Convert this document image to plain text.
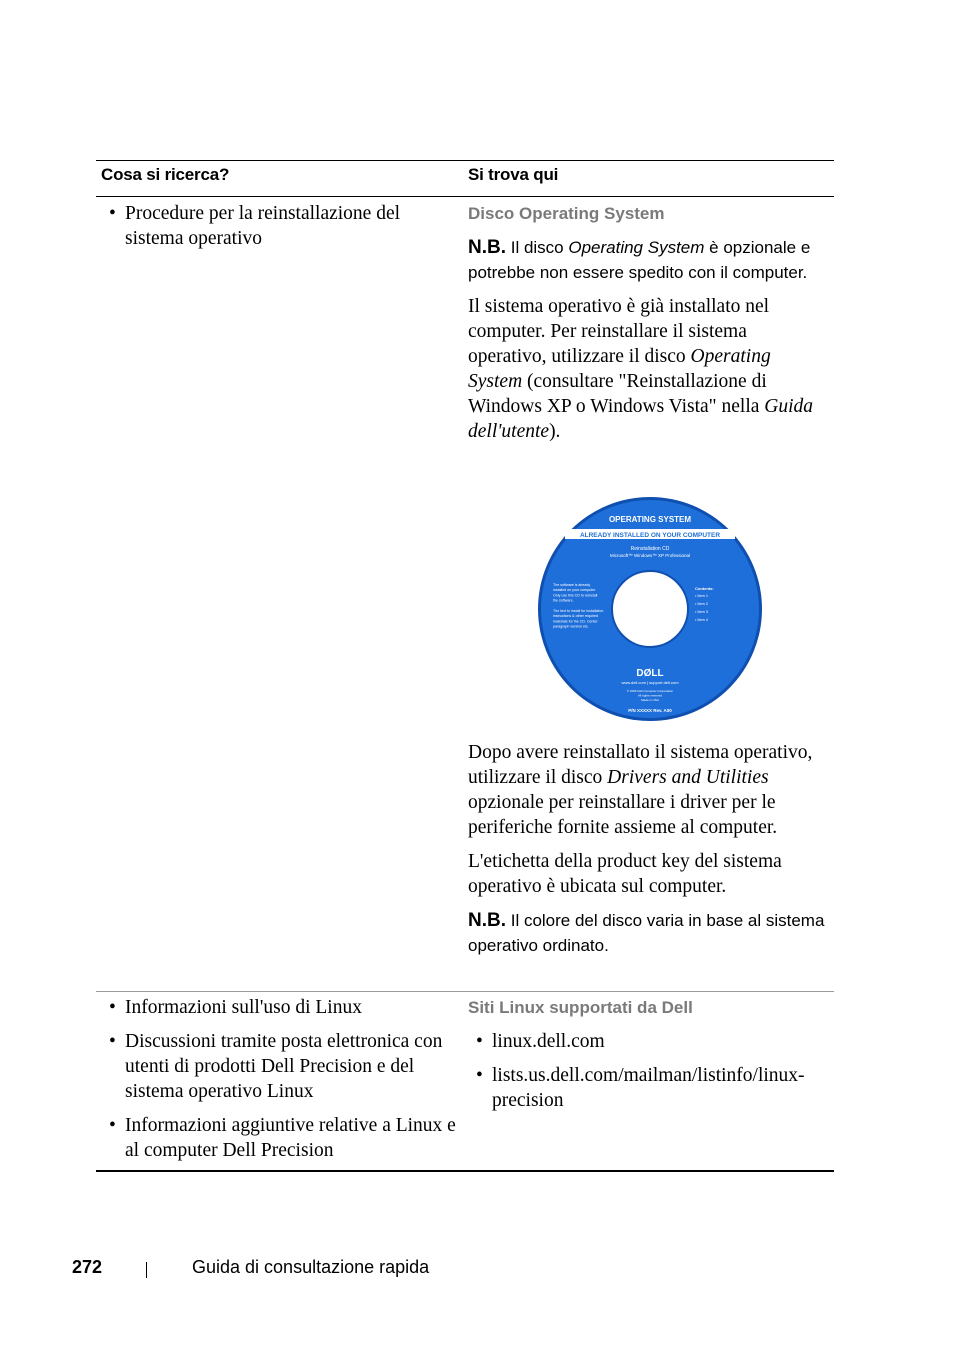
Cosa si ricerca?	Si trova qui
• Procedure per la reinstallazione del sistema operativo
Disco Operating System
N.B. Il disco Operating System è opzionale e potrebbe non essere spedito con il computer.
Il sistema operativo è già installato nel computer. Per reinstallare il sistema operativo, utilizzare il disco Operating System (consultare "Reinstallazione di Windows XP o Windows Vista" nella Guida dell'utente).
OPERATING SYSTEM
ALREADY INSTALLED ON YOUR COMPUTER
Reinstallation CD
Microsoft™ Windows™ XP Professional
The software is already
installed on your computer.
Only use this CD to reinstall
the software.
The text to install for installation
instructions & other required
materials for the CD. Center
paragraph version etc.
Contents:
• Item 1
• Item 2
• Item 3
• Item 4
DØLL
www.dell.com | support.dell.com
© 2006 Dell Computer Corporation
All rights reserved
Made in USA
P/N XXXXX Rev. A00
Dopo avere reinstallato il sistema operativo, utilizzare il disco Drivers and Utilities opzionale per reinstallare i driver per le periferiche fornite assieme al computer.
L'etichetta della product key del sistema operativo è ubicata sul computer.
N.B. Il colore del disco varia in base al sistema operativo ordinato.
• Informazioni sull'uso di Linux
• Discussioni tramite posta elettronica con utenti di prodotti Dell Precision e del sistema operativo Linux
• Informazioni aggiuntive relative a Linux e al computer Dell Precision
Siti Linux supportati da Dell
• linux.dell.com
• lists.us.dell.com/mailman/listinfo/linux-precision
272	Guida di consultazione rapida
